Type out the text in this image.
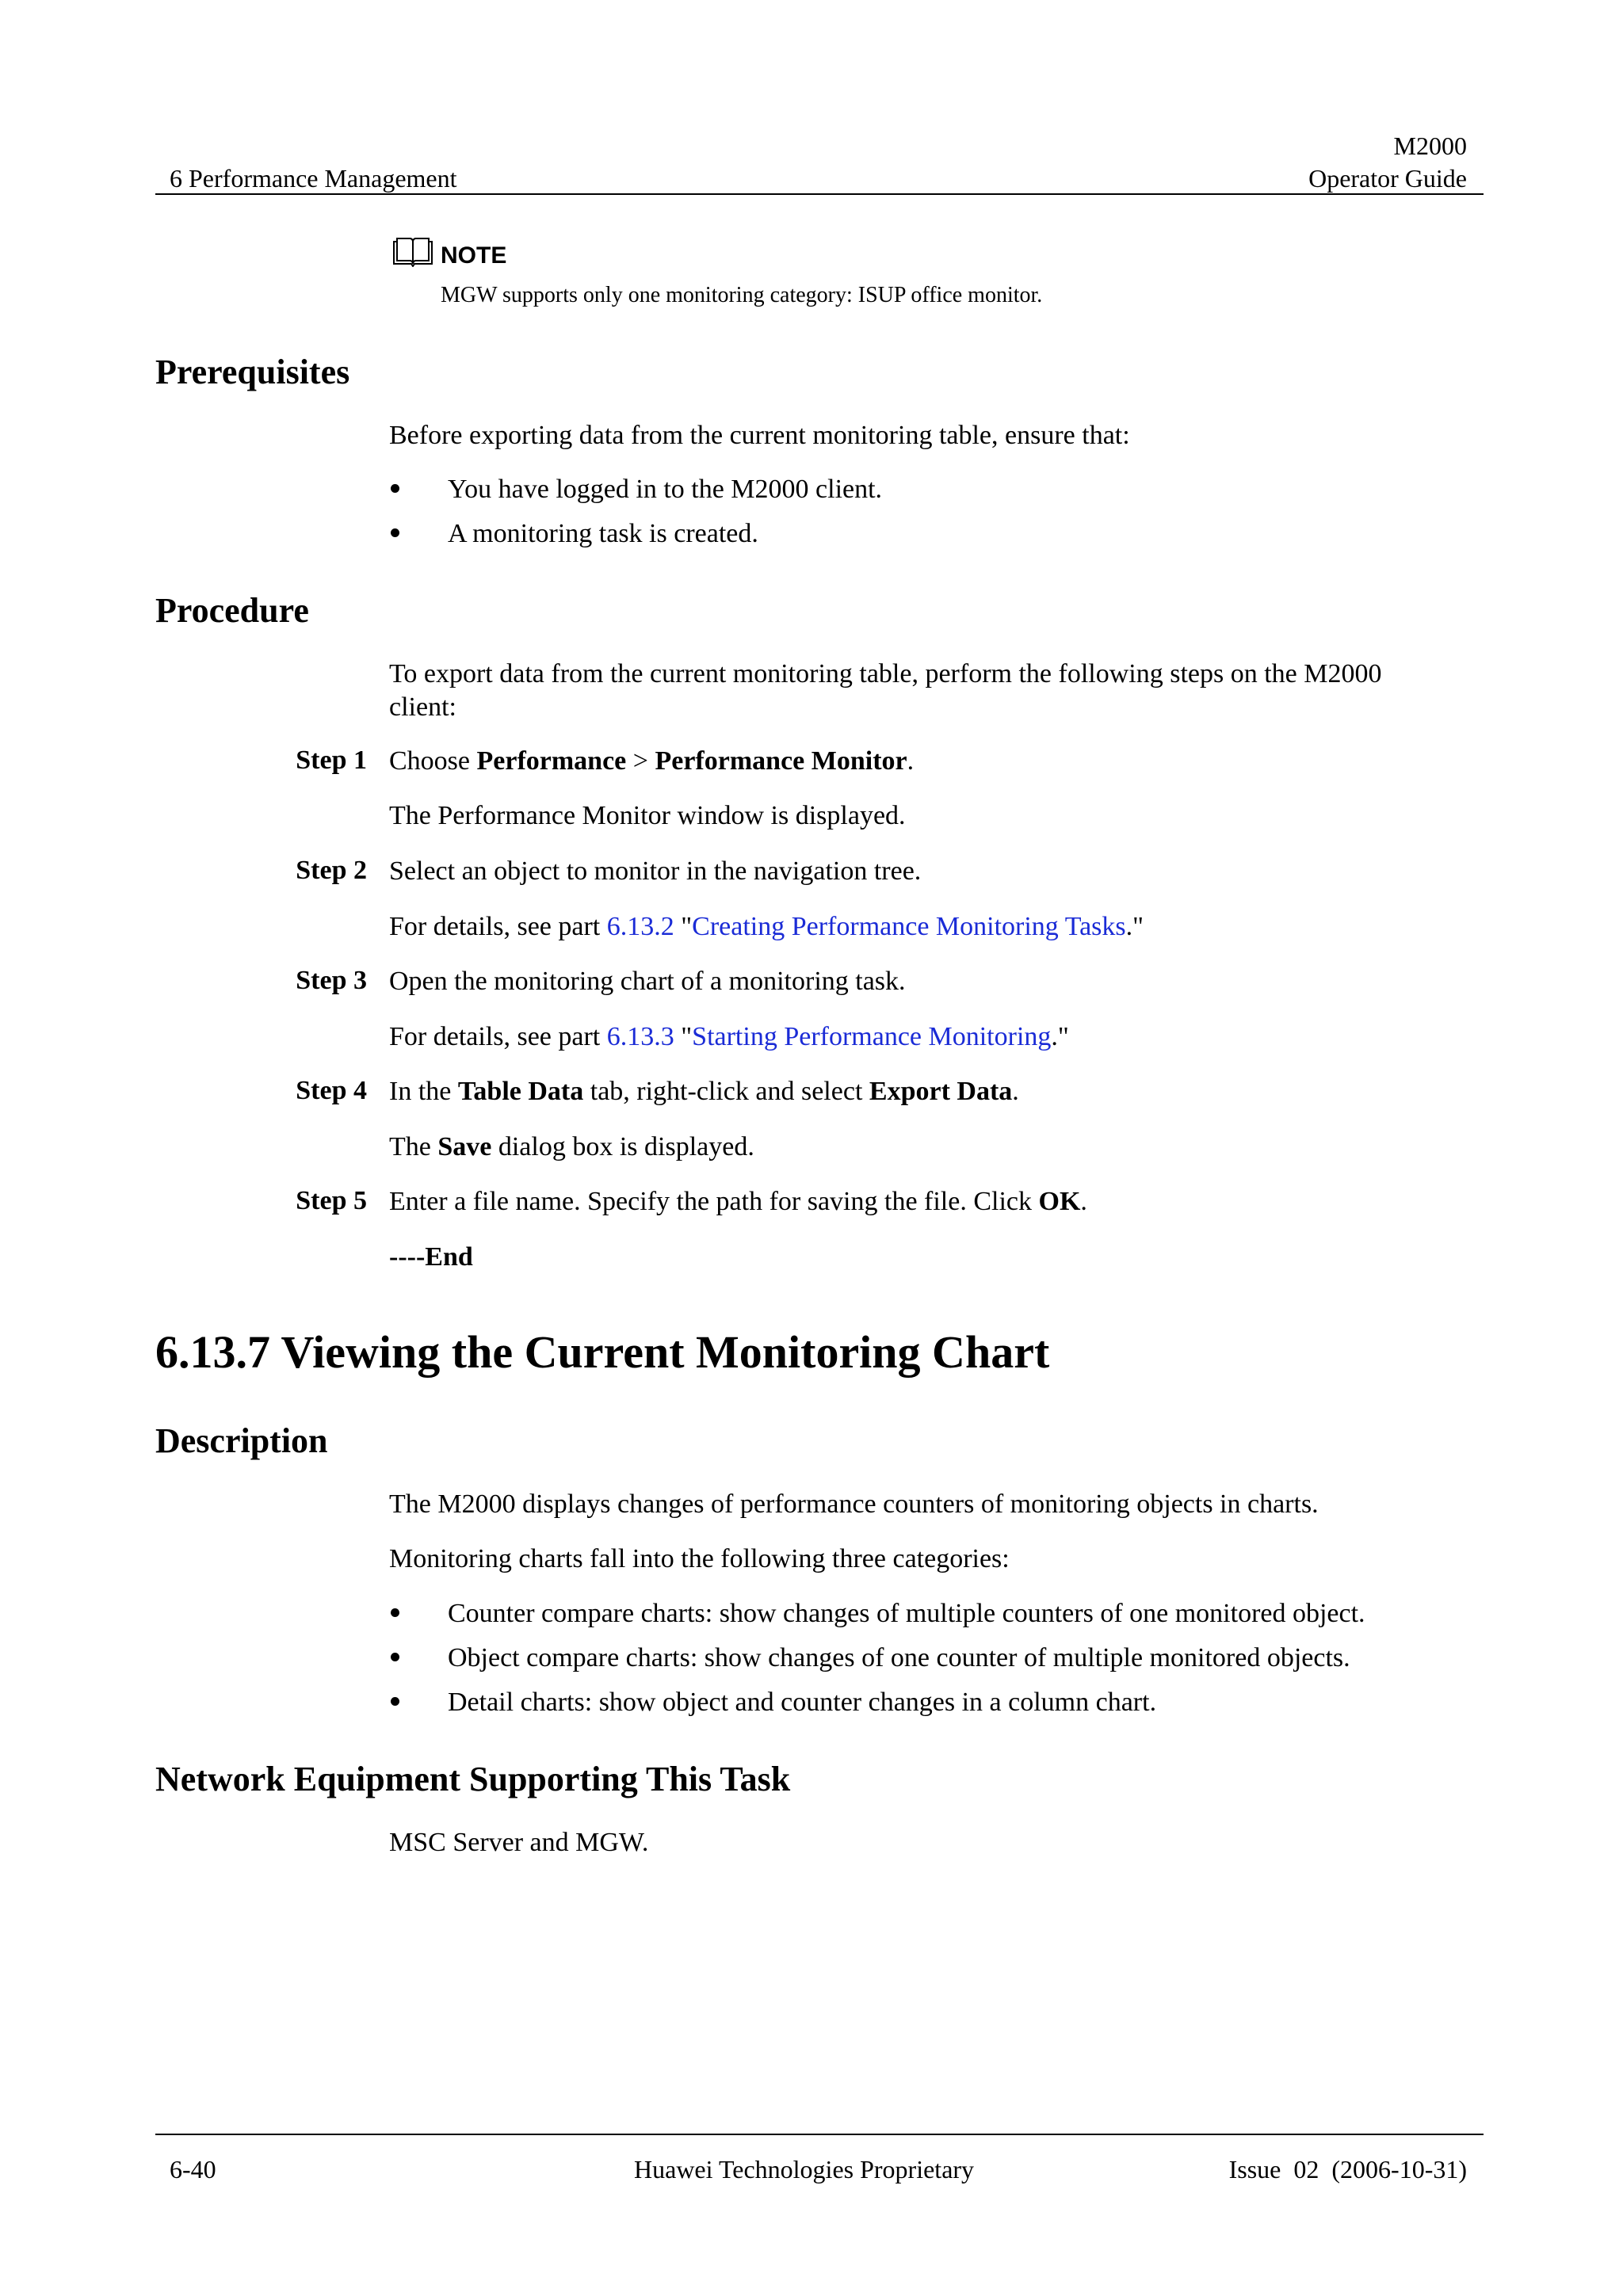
M2000
6 Performance Management	Operator Guide
NOTE
MGW supports only one monitoring category: ISUP office monitor.
Prerequisites
Before exporting data from the current monitoring table, ensure that:
You have logged in to the M2000 client.
A monitoring task is created.
Procedure
To export data from the current monitoring table, perform the following steps on the M2000
client:
Step 1 Choose Performance > Performance Monitor.
The Performance Monitor window is displayed.
Step 2 Select an object to monitor in the navigation tree.
For details, see part 6.13.2 "Creating Performance Monitoring Tasks."
Step 3 Open the monitoring chart of a monitoring task.
For details, see part 6.13.3 "Starting Performance Monitoring."
Step 4 In the Table Data tab, right-click and select Export Data.
The Save dialog box is displayed.
Step 5 Enter a file name. Specify the path for saving the file. Click OK.
----End
6.13.7 Viewing the Current Monitoring Chart
Description
The M2000 displays changes of performance counters of monitoring objects in charts.
Monitoring charts fall into the following three categories:
Counter compare charts: show changes of multiple counters of one monitored object.
Object compare charts: show changes of one counter of multiple monitored objects.
Detail charts: show object and counter changes in a column chart.
Network Equipment Supporting This Task
MSC Server and MGW.
6-40	Huawei Technologies Proprietary	Issue  02  (2006-10-31)
